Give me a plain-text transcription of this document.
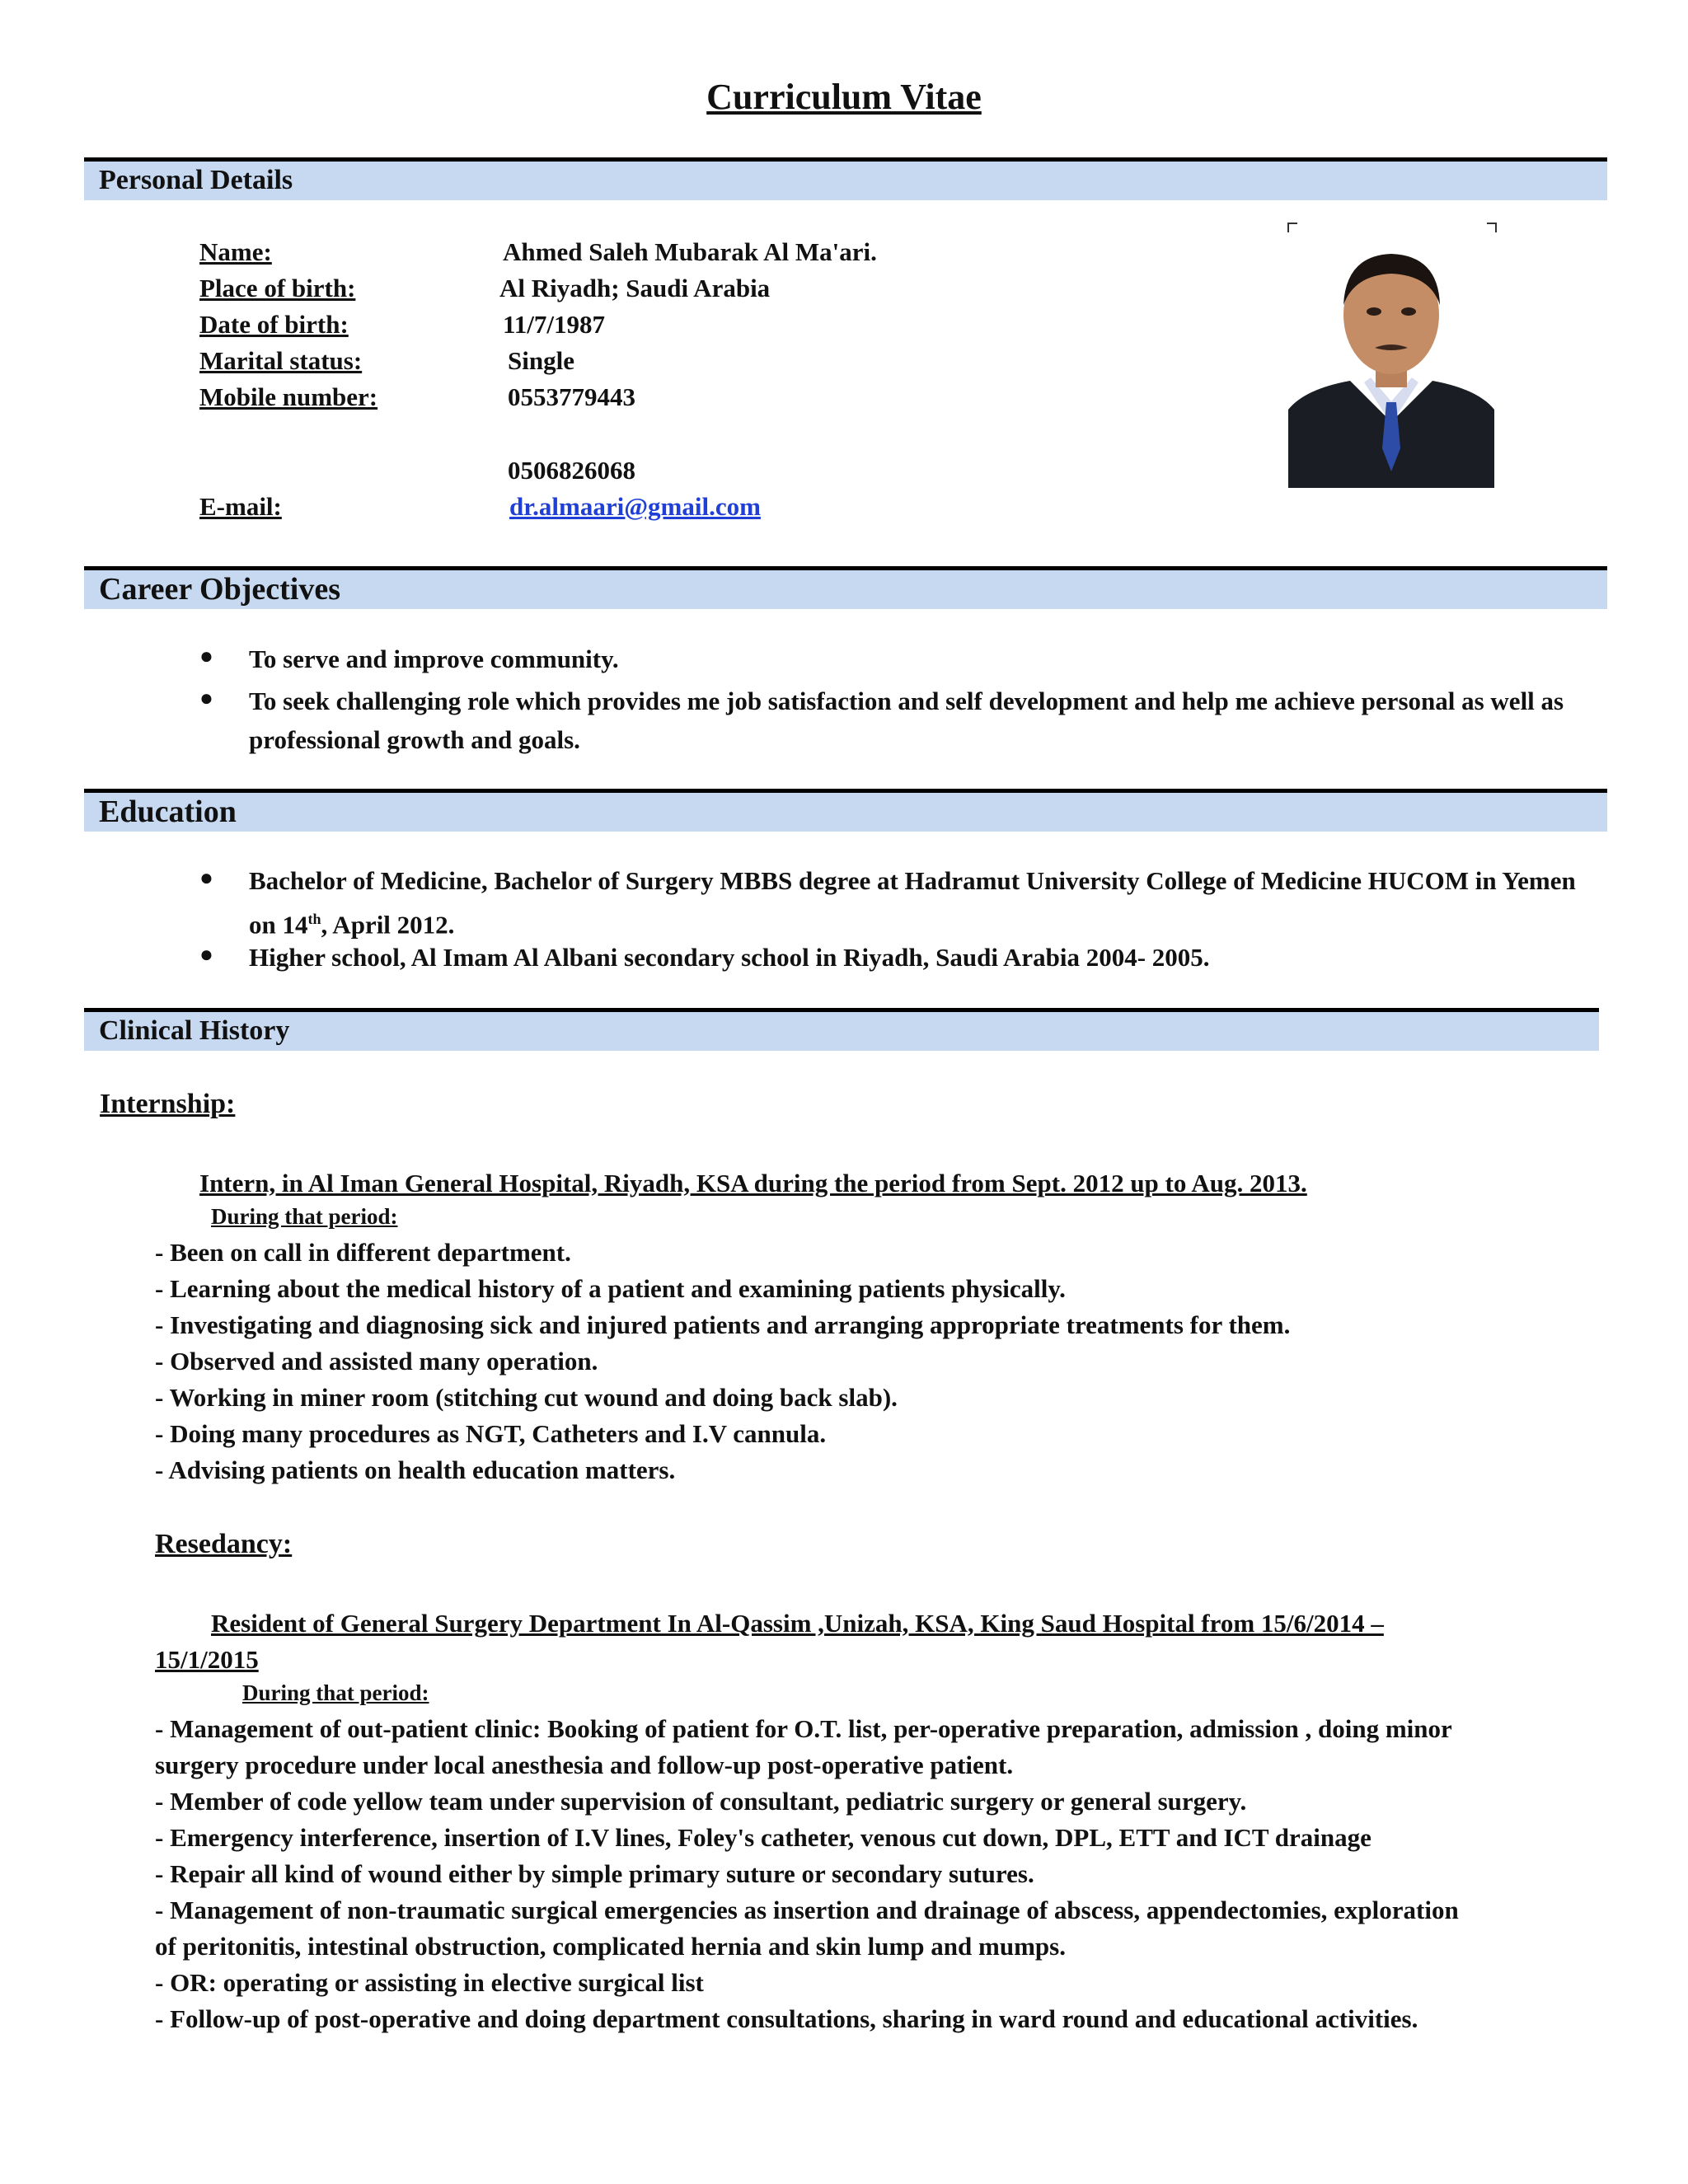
Curriculum Vitae
Personal Details
Name:	Ahmed Saleh Mubarak Al Ma'ari.
Place of birth:	Al Riyadh; Saudi Arabia
Date of birth:	11/7/1987
Marital status:	Single
Mobile number:	0553779443
0506826068
E-mail:	dr.almaari@gmail.com
Career Objectives
● To serve and improve community.
● To seek challenging role which provides me job satisfaction and self development and help me achieve personal as well as professional growth and goals.
Education
● Bachelor of Medicine, Bachelor of Surgery MBBS degree at Hadramut University College of Medicine HUCOM in Yemen on 14th, April 2012.
● Higher school, Al Imam Al Albani secondary school in Riyadh, Saudi Arabia 2004- 2005.
Clinical History
Internship:
Intern, in Al Iman General Hospital, Riyadh, KSA during the period from Sept. 2012 up to Aug. 2013.
During that period:
- Been on call in different department.
- Learning about the medical history of a patient and examining patients physically.
- Investigating and diagnosing sick and injured patients and arranging appropriate treatments for them.
- Observed and assisted many operation.
- Working in miner room (stitching cut wound and doing back slab).
- Doing many procedures as NGT, Catheters and I.V cannula.
- Advising patients on health education matters.
Resedancy:
Resident of General Surgery Department In Al-Qassim ,Unizah, KSA, King Saud Hospital from 15/6/2014 –
15/1/2015
During that period:
- Management of out-patient clinic: Booking of patient for O.T. list, per-operative preparation, admission , doing minor
surgery procedure under local anesthesia and follow-up post-operative patient.
- Member of code yellow team under supervision of consultant, pediatric surgery or general surgery.
- Emergency interference, insertion of I.V lines, Foley's catheter, venous cut down, DPL, ETT and ICT drainage
- Repair all kind of wound either by simple primary suture or secondary sutures.
- Management of non-traumatic surgical emergencies as insertion and drainage of abscess, appendectomies, exploration
of peritonitis, intestinal obstruction, complicated hernia and skin lump and mumps.
- OR: operating or assisting in elective surgical list
- Follow-up of post-operative and doing department consultations, sharing in ward round and educational activities.
